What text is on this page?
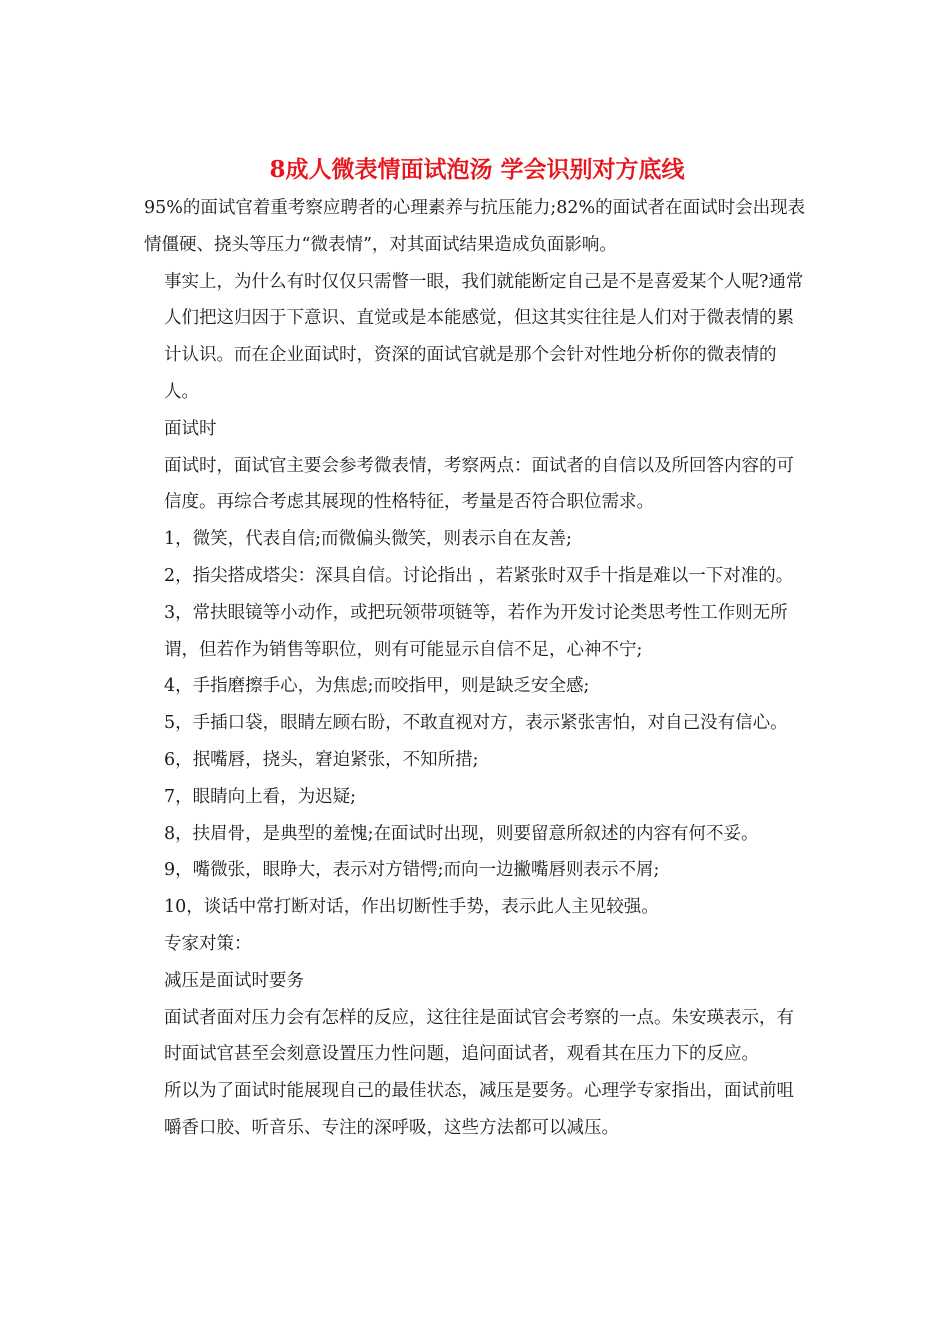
8成人微表情面试泡汤 学会识别对方底线

95%的面试官着重考察应聘者的心理素养与抗压能力;82%的面试者在面试时会出现表情僵硬、挠头等压力“微表情”，对其面试结果造成负面影响。

事实上，为什么有时仅仅只需瞥一眼，我们就能断定自己是不是喜爱某个人呢?通常人们把这归因于下意识、直觉或是本能感觉，但这其实往往是人们对于微表情的累计认识。而在企业面试时，资深的面试官就是那个会针对性地分析你的微表情的人。

面试时

面试时，面试官主要会参考微表情，考察两点：面试者的自信以及所回答内容的可信度。再综合考虑其展现的性格特征，考量是否符合职位需求。

1，微笑，代表自信;而微偏头微笑，则表示自在友善;

2，指尖搭成塔尖：深具自信。讨论指出 ，若紧张时双手十指是难以一下对准的。

3，常扶眼镜等小动作，或把玩领带项链等，若作为开发讨论类思考性工作则无所谓，但若作为销售等职位，则有可能显示自信不足，心神不宁;

4，手指磨擦手心，为焦虑;而咬指甲，则是缺乏安全感;

5，手插口袋，眼睛左顾右盼，不敢直视对方，表示紧张害怕，对自己没有信心。

6，抿嘴唇，挠头，窘迫紧张，不知所措;

7，眼睛向上看，为迟疑;

8，扶眉骨，是典型的羞愧;在面试时出现，则要留意所叙述的内容有何不妥。

9，嘴微张，眼睁大，表示对方错愕;而向一边撇嘴唇则表示不屑;

10，谈话中常打断对话，作出切断性手势，表示此人主见较强。

专家对策：

减压是面试时要务

面试者面对压力会有怎样的反应，这往往是面试官会考察的一点。朱安瑛表示，有时面试官甚至会刻意设置压力性问题，追问面试者，观看其在压力下的反应。

所以为了面试时能展现自己的最佳状态，减压是要务。心理学专家指出，面试前咀嚼香口胶、听音乐、专注的深呼吸，这些方法都可以减压。
